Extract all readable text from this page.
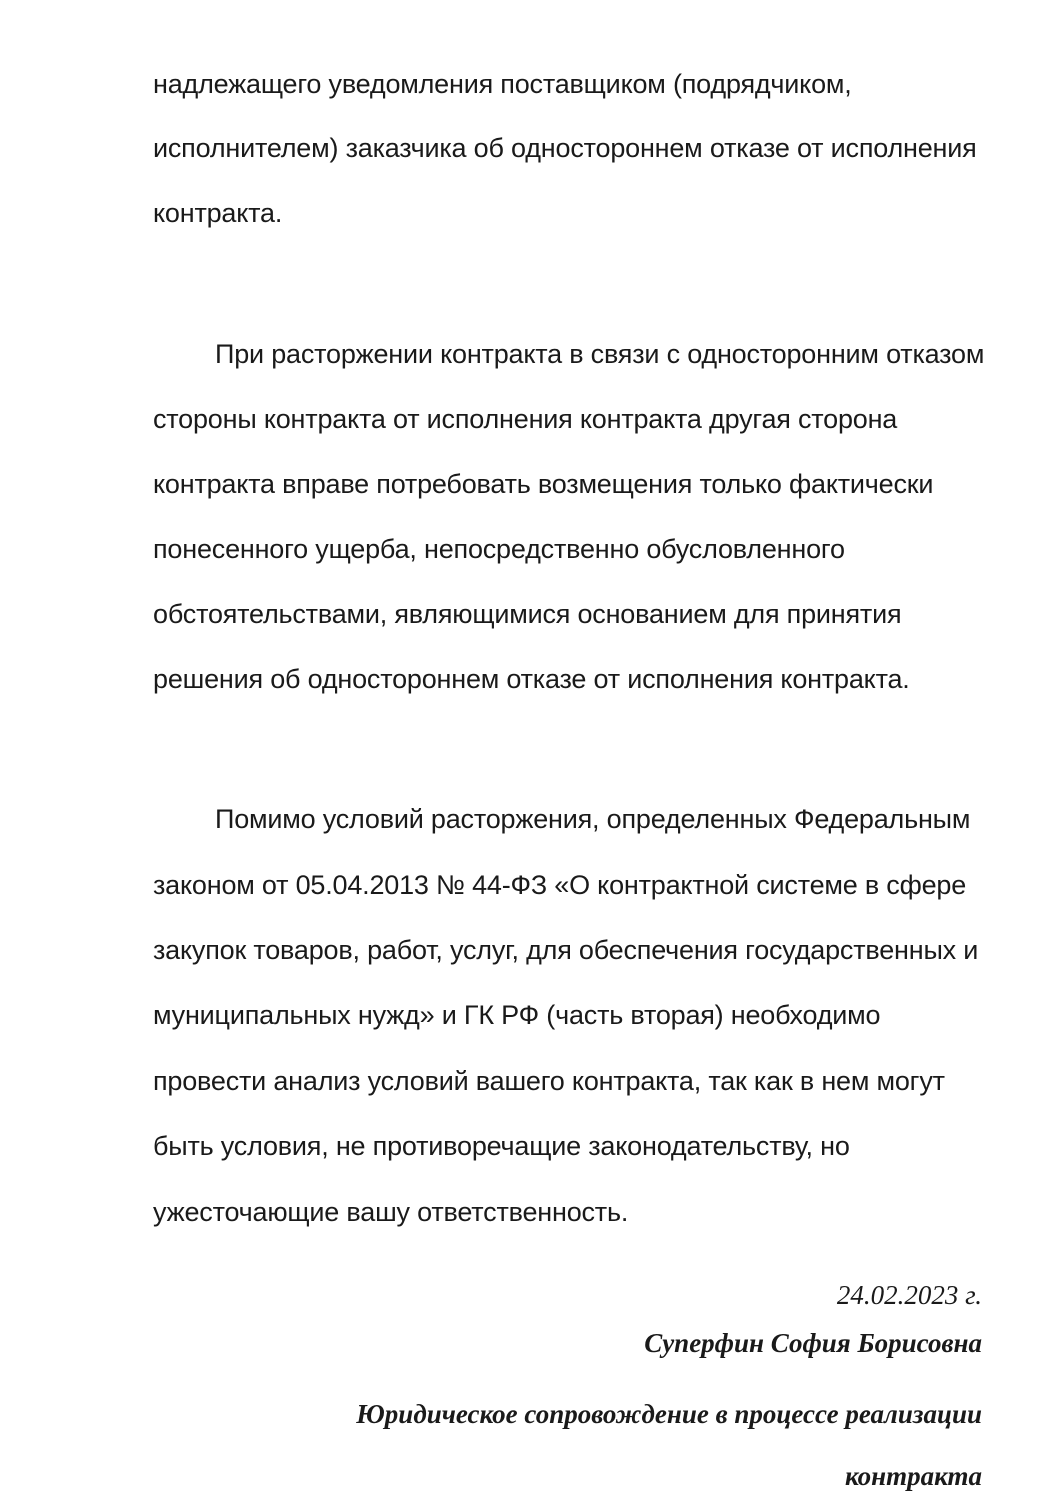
надлежащего уведомления поставщиком (подрядчиком,
исполнителем) заказчика об одностороннем отказе от исполнения
контракта.
При расторжении контракта в связи с односторонним отказом
стороны контракта от исполнения контракта другая сторона
контракта вправе потребовать возмещения только фактически
понесенного ущерба, непосредственно обусловленного
обстоятельствами, являющимися основанием для принятия
решения об одностороннем отказе от исполнения контракта.
Помимо условий расторжения, определенных Федеральным
законом от 05.04.2013 № 44-ФЗ «О контрактной системе в сфере
закупок товаров, работ, услуг, для обеспечения государственных и
муниципальных нужд» и ГК РФ (часть вторая) необходимо
провести анализ условий вашего контракта, так как в нем могут
быть условия, не противоречащие законодательству, но
ужесточающие вашу ответственность.
24.02.2023 г.
Суперфин София Борисовна
Юридическое сопровождение в процессе реализации
контракта
